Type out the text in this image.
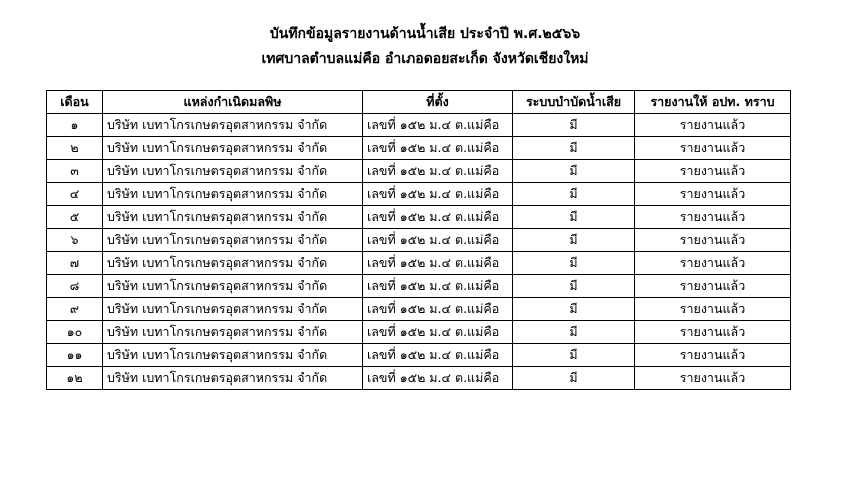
บันทึกข้อมูลรายงานด้านน้ำเสีย ประจำปี พ.ศ.๒๕๖๖
เทศบาลตำบลแม่คือ อำเภอดอยสะเก็ด จังหวัดเชียงใหม่
เดือน	แหล่งกำเนิดมลพิษ	ที่ตั้ง	ระบบบำบัดน้ำเสีย	รายงานให้ อปท. ทราบ
๑	บริษัท เบทาโกรเกษตรอุตสาหกรรม จำกัด	เลขที่ ๑๕๒ ม.๔ ต.แม่คือ	มี	รายงานแล้ว
๒	บริษัท เบทาโกรเกษตรอุตสาหกรรม จำกัด	เลขที่ ๑๕๒ ม.๔ ต.แม่คือ	มี	รายงานแล้ว
๓	บริษัท เบทาโกรเกษตรอุตสาหกรรม จำกัด	เลขที่ ๑๕๒ ม.๔ ต.แม่คือ	มี	รายงานแล้ว
๔	บริษัท เบทาโกรเกษตรอุตสาหกรรม จำกัด	เลขที่ ๑๕๒ ม.๔ ต.แม่คือ	มี	รายงานแล้ว
๕	บริษัท เบทาโกรเกษตรอุตสาหกรรม จำกัด	เลขที่ ๑๕๒ ม.๔ ต.แม่คือ	มี	รายงานแล้ว
๖	บริษัท เบทาโกรเกษตรอุตสาหกรรม จำกัด	เลขที่ ๑๕๒ ม.๔ ต.แม่คือ	มี	รายงานแล้ว
๗	บริษัท เบทาโกรเกษตรอุตสาหกรรม จำกัด	เลขที่ ๑๕๒ ม.๔ ต.แม่คือ	มี	รายงานแล้ว
๘	บริษัท เบทาโกรเกษตรอุตสาหกรรม จำกัด	เลขที่ ๑๕๒ ม.๔ ต.แม่คือ	มี	รายงานแล้ว
๙	บริษัท เบทาโกรเกษตรอุตสาหกรรม จำกัด	เลขที่ ๑๕๒ ม.๔ ต.แม่คือ	มี	รายงานแล้ว
๑๐	บริษัท เบทาโกรเกษตรอุตสาหกรรม จำกัด	เลขที่ ๑๕๒ ม.๔ ต.แม่คือ	มี	รายงานแล้ว
๑๑	บริษัท เบทาโกรเกษตรอุตสาหกรรม จำกัด	เลขที่ ๑๕๒ ม.๔ ต.แม่คือ	มี	รายงานแล้ว
๑๒	บริษัท เบทาโกรเกษตรอุตสาหกรรม จำกัด	เลขที่ ๑๕๒ ม.๔ ต.แม่คือ	มี	รายงานแล้ว
